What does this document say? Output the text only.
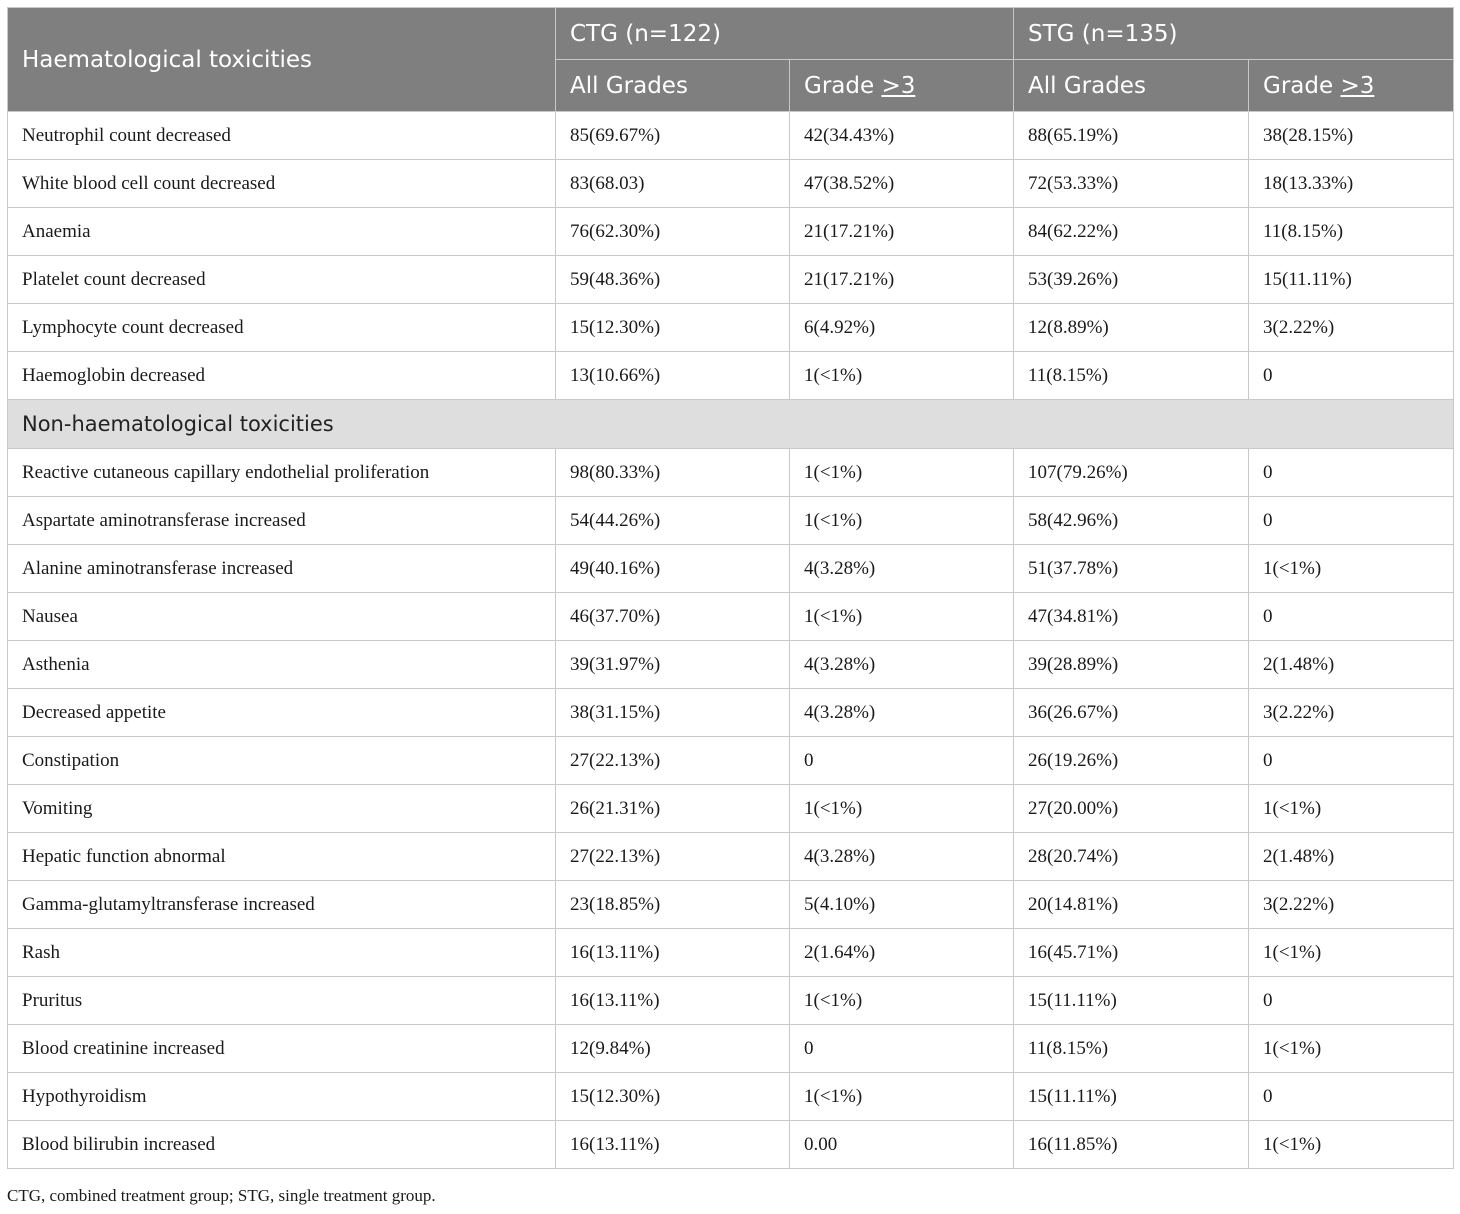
Haematological toxicities	CTG (n=122)		STG (n=135)	
	All Grades	Grade >3	All Grades	Grade >3
Neutrophil count decreased	85(69.67%)	42(34.43%)	88(65.19%)	38(28.15%)
White blood cell count decreased	83(68.03)	47(38.52%)	72(53.33%)	18(13.33%)
Anaemia	76(62.30%)	21(17.21%)	84(62.22%)	11(8.15%)
Platelet count decreased	59(48.36%)	21(17.21%)	53(39.26%)	15(11.11%)
Lymphocyte count decreased	15(12.30%)	6(4.92%)	12(8.89%)	3(2.22%)
Haemoglobin decreased	13(10.66%)	1(<1%)	11(8.15%)	0
Non-haematological toxicities				
Reactive cutaneous capillary endothelial proliferation	98(80.33%)	1(<1%)	107(79.26%)	0
Aspartate aminotransferase increased	54(44.26%)	1(<1%)	58(42.96%)	0
Alanine aminotransferase increased	49(40.16%)	4(3.28%)	51(37.78%)	1(<1%)
Nausea	46(37.70%)	1(<1%)	47(34.81%)	0
Asthenia	39(31.97%)	4(3.28%)	39(28.89%)	2(1.48%)
Decreased appetite	38(31.15%)	4(3.28%)	36(26.67%)	3(2.22%)
Constipation	27(22.13%)	0	26(19.26%)	0
Vomiting	26(21.31%)	1(<1%)	27(20.00%)	1(<1%)
Hepatic function abnormal	27(22.13%)	4(3.28%)	28(20.74%)	2(1.48%)
Gamma-glutamyltransferase increased	23(18.85%)	5(4.10%)	20(14.81%)	3(2.22%)
Rash	16(13.11%)	2(1.64%)	16(45.71%)	1(<1%)
Pruritus	16(13.11%)	1(<1%)	15(11.11%)	0
Blood creatinine increased	12(9.84%)	0	11(8.15%)	1(<1%)
Hypothyroidism	15(12.30%)	1(<1%)	15(11.11%)	0
Blood bilirubin increased	16(13.11%)	0.00	16(11.85%)	1(<1%)
CTG, combined treatment group; STG, single treatment group.
